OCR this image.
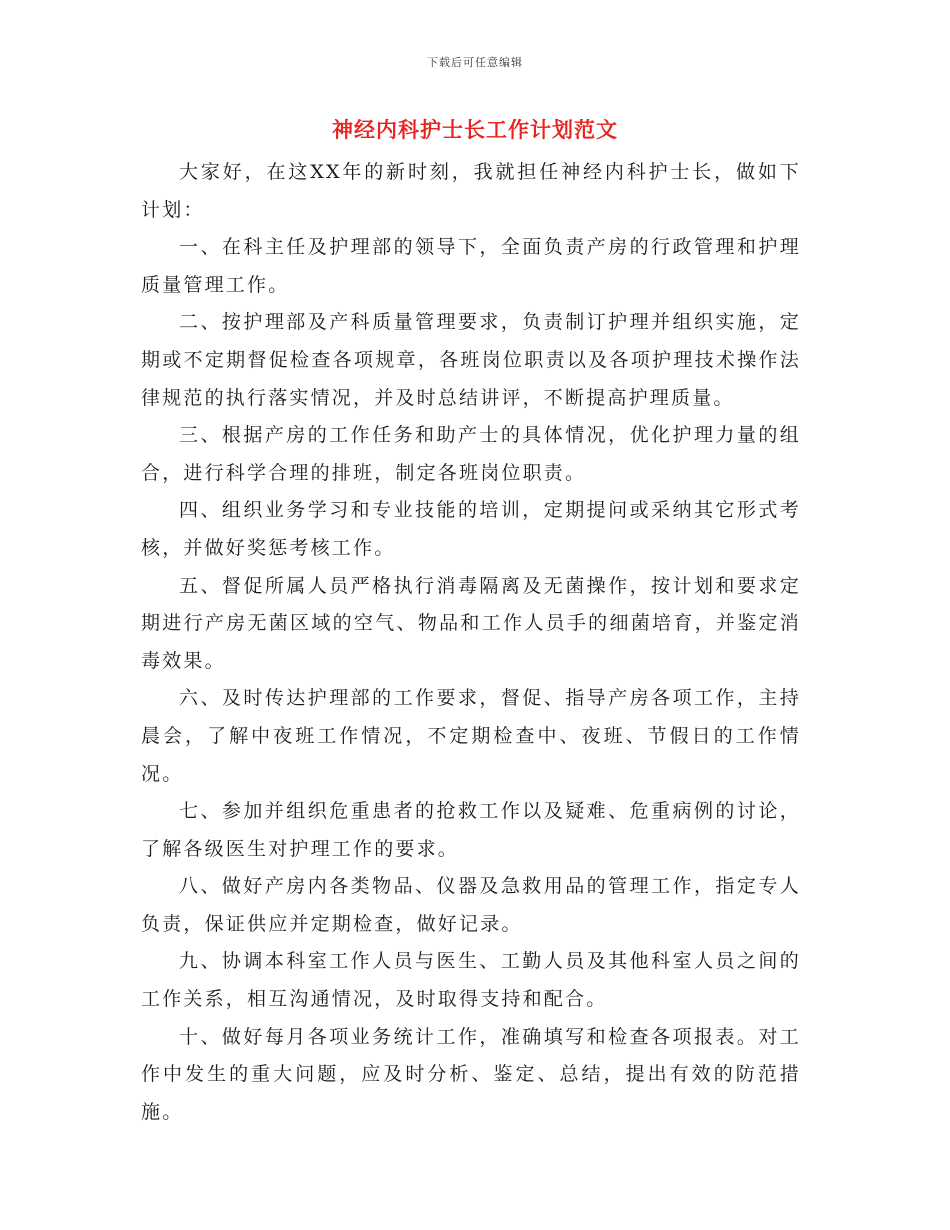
下载后可任意编辑
神经内科护士长工作计划范文

大家好，在这XX年的新时刻，我就担任神经内科护士长，做如下计划：

一、在科主任及护理部的领导下，全面负责产房的行政管理和护理质量管理工作。

二、按护理部及产科质量管理要求，负责制订护理并组织实施，定期或不定期督促检查各项规章，各班岗位职责以及各项护理技术操作法律规范的执行落实情况，并及时总结讲评，不断提高护理质量。

三、根据产房的工作任务和助产士的具体情况，优化护理力量的组合，进行科学合理的排班，制定各班岗位职责。

四、组织业务学习和专业技能的培训，定期提问或采纳其它形式考核，并做好奖惩考核工作。

五、督促所属人员严格执行消毒隔离及无菌操作，按计划和要求定期进行产房无菌区域的空气、物品和工作人员手的细菌培育，并鉴定消毒效果。

六、及时传达护理部的工作要求，督促、指导产房各项工作，主持晨会，了解中夜班工作情况，不定期检查中、夜班、节假日的工作情况。

七、参加并组织危重患者的抢救工作以及疑难、危重病例的讨论，了解各级医生对护理工作的要求。

八、做好产房内各类物品、仪器及急救用品的管理工作，指定专人负责，保证供应并定期检查，做好记录。

九、协调本科室工作人员与医生、工勤人员及其他科室人员之间的工作关系，相互沟通情况，及时取得支持和配合。

十、做好每月各项业务统计工作，准确填写和检查各项报表。对工作中发生的重大问题，应及时分析、鉴定、总结，提出有效的防范措施。
